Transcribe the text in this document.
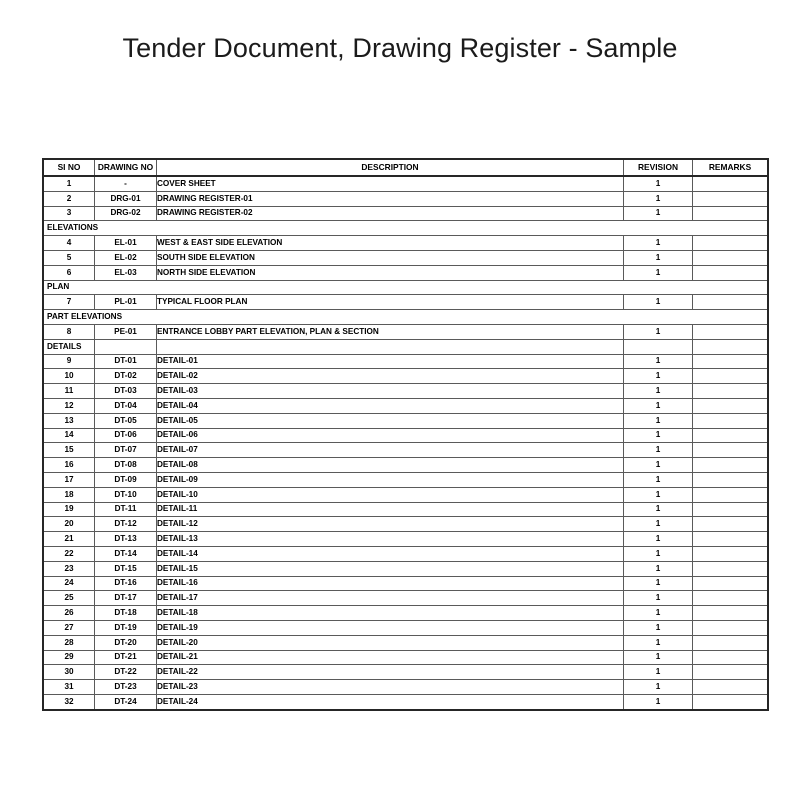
Tender Document, Drawing Register - Sample
SI NO	DRAWING NO	DESCRIPTION	REVISION	REMARKS
1	-	COVER SHEET	1	
2	DRG-01	DRAWING REGISTER-01	1	
3	DRG-02	DRAWING REGISTER-02	1	
ELEVATIONS				
4	EL-01	WEST & EAST SIDE ELEVATION	1	
5	EL-02	SOUTH SIDE ELEVATION	1	
6	EL-03	NORTH SIDE ELEVATION	1	
PLAN				
7	PL-01	TYPICAL FLOOR PLAN	1	
PART ELEVATIONS				
8	PE-01	ENTRANCE LOBBY PART ELEVATION, PLAN & SECTION	1	
DETAILS				
9	DT-01	DETAIL-01	1	
10	DT-02	DETAIL-02	1	
11	DT-03	DETAIL-03	1	
12	DT-04	DETAIL-04	1	
13	DT-05	DETAIL-05	1	
14	DT-06	DETAIL-06	1	
15	DT-07	DETAIL-07	1	
16	DT-08	DETAIL-08	1	
17	DT-09	DETAIL-09	1	
18	DT-10	DETAIL-10	1	
19	DT-11	DETAIL-11	1	
20	DT-12	DETAIL-12	1	
21	DT-13	DETAIL-13	1	
22	DT-14	DETAIL-14	1	
23	DT-15	DETAIL-15	1	
24	DT-16	DETAIL-16	1	
25	DT-17	DETAIL-17	1	
26	DT-18	DETAIL-18	1	
27	DT-19	DETAIL-19	1	
28	DT-20	DETAIL-20	1	
29	DT-21	DETAIL-21	1	
30	DT-22	DETAIL-22	1	
31	DT-23	DETAIL-23	1	
32	DT-24	DETAIL-24	1	
